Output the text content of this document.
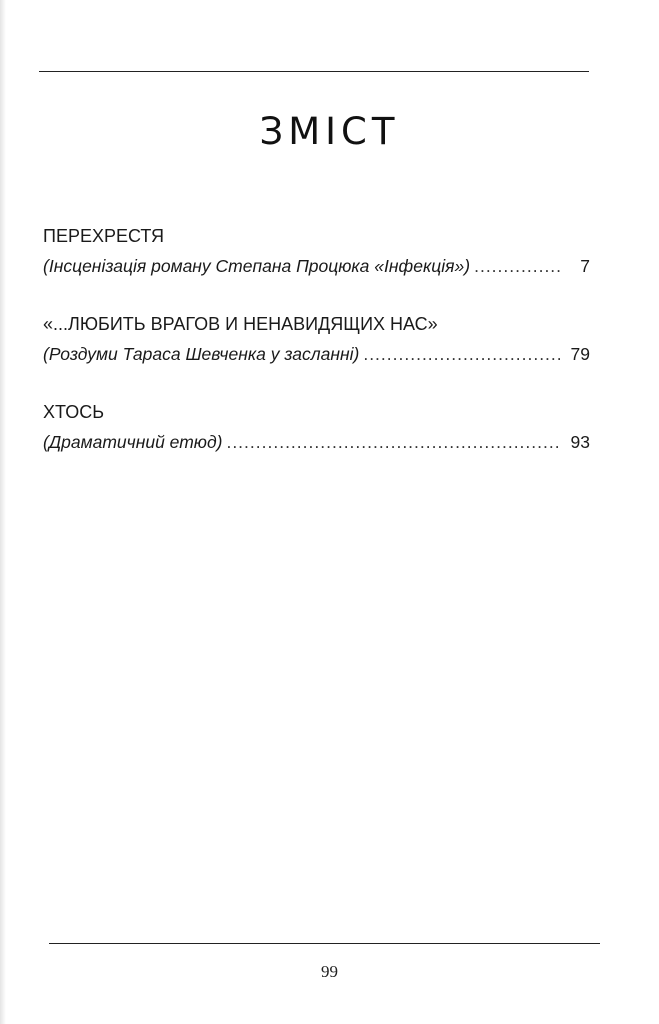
ЗМІСТ
ПЕРЕХРЕСТЯ
(Інсценізація роману Степана Процюка «Інфекція») .....	7
«...ЛЮБИТЬ ВРАГОВ И НЕНАВИДЯЩИХ НАС»
(Роздуми Тараса Шевченка у засланні) .....	79
ХТОСЬ
(Драматичний етюд) .....	93
99
